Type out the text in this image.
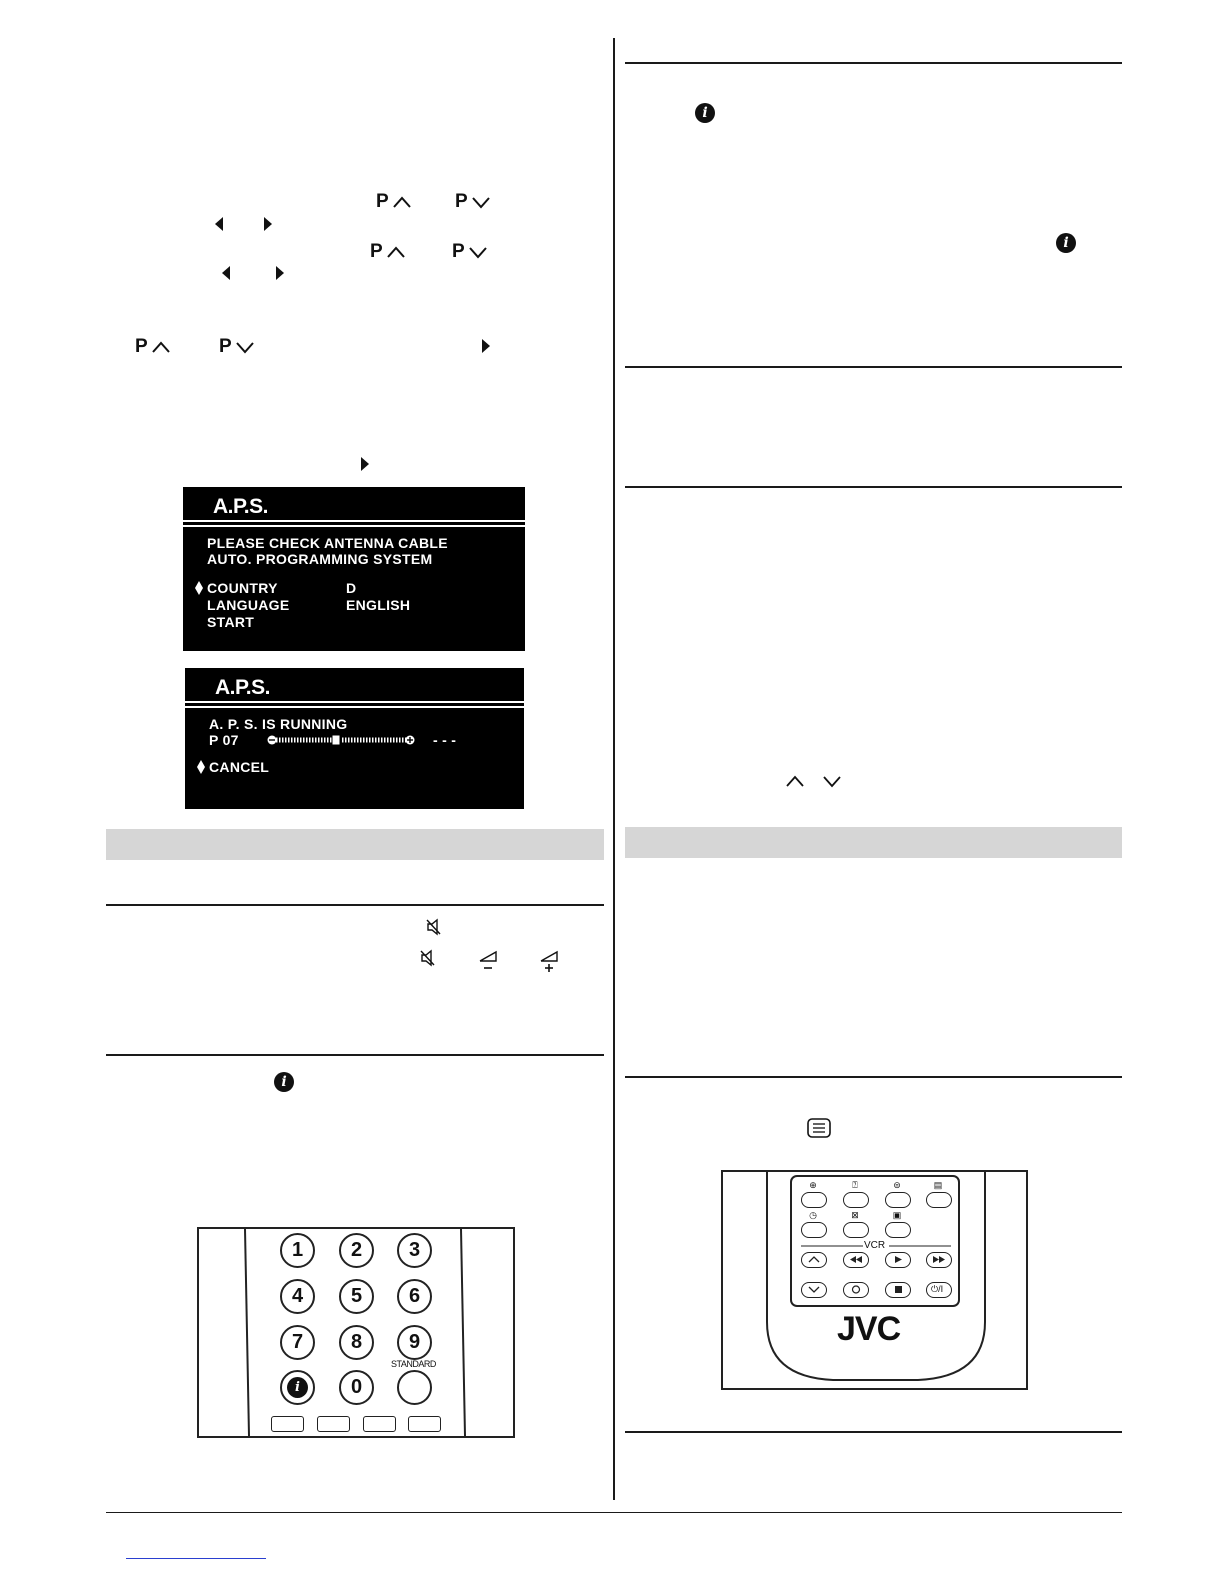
P	P
P	P
P	P
A.P.S.
PLEASE CHECK ANTENNA CABLE
AUTO. PROGRAMMING SYSTEM
COUNTRY	D
LANGUAGE	ENGLISH
START
A.P.S.
A. P. S. IS RUNNING
P 07	- - -
CANCEL
i
1	2	3
4	5	6
7	8	9
i	0
STANDARD
i
i
⊕	⍰	⊜	▤
◷	⊠	▣
VCR
⏻/I
JVC
